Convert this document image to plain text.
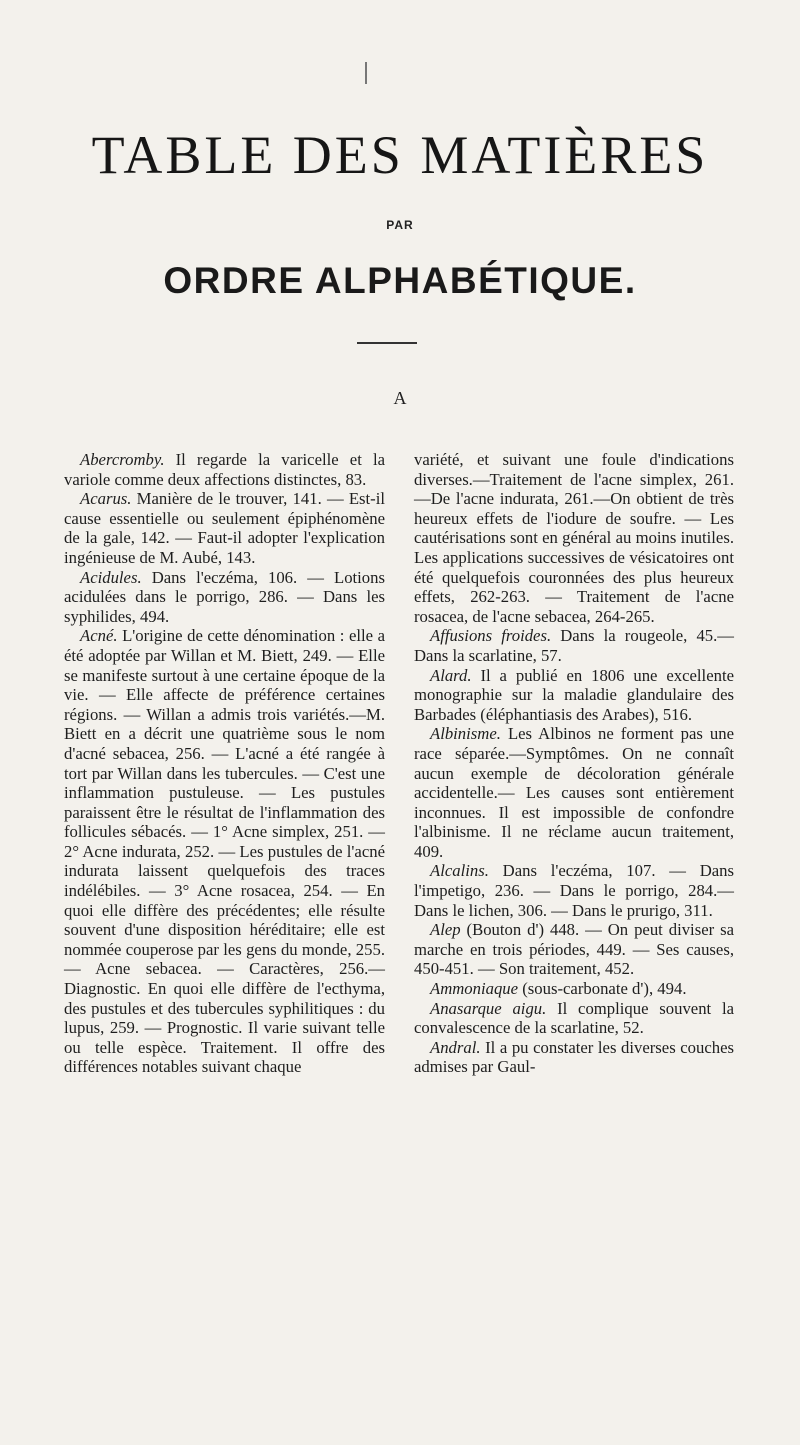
TABLE DES MATIÈRES
PAR
ORDRE ALPHABÉTIQUE.
A

Abercromby. Il regarde la varicelle et la variole comme deux affections distinctes, 83.

Acarus. Manière de le trouver, 141. — Est-il cause essentielle ou seulement épiphénomène de la gale, 142. — Faut-il adopter l'explication ingénieuse de M. Aubé, 143.

Acidules. Dans l'eczéma, 106. — Lotions acidulées dans le porrigo, 286. — Dans les syphilides, 494.

Acné. L'origine de cette dénomination : elle a été adoptée par Willan et M. Biett, 249. — Elle se manifeste surtout à une certaine époque de la vie. — Elle affecte de préférence certaines régions. — Willan a admis trois variétés.—M. Biett en a décrit une quatrième sous le nom d'acné sebacea, 256. — L'acné a été rangée à tort par Willan dans les tubercules. — C'est une inflammation pustuleuse. — Les pustules paraissent être le résultat de l'inflammation des follicules sébacés. — 1° Acne simplex, 251. — 2° Acne indurata, 252. — Les pustules de l'acné indurata laissent quelquefois des traces indélébiles. — 3° Acne rosacea, 254. — En quoi elle diffère des précédentes; elle résulte souvent d'une disposition héréditaire; elle est nommée couperose par les gens du monde, 255. — Acne sebacea. — Caractères, 256.—Diagnostic. En quoi elle diffère de l'ecthyma, des pustules et des tubercules syphilitiques : du lupus, 259. — Prognostic. Il varie suivant telle ou telle espèce. Traitement. Il offre des différences notables suivant chaque

variété, et suivant une foule d'indications diverses.—Traitement de l'acne simplex, 261.—De l'acne indurata, 261.—On obtient de très heureux effets de l'iodure de soufre. — Les cautérisations sont en général au moins inutiles. Les applications successives de vésicatoires ont été quelquefois couronnées des plus heureux effets, 262-263. — Traitement de l'acne rosacea, de l'acne sebacea, 264-265.

Affusions froides. Dans la rougeole, 45.—Dans la scarlatine, 57.

Alard. Il a publié en 1806 une excellente monographie sur la maladie glandulaire des Barbades (éléphantiasis des Arabes), 516.

Albinisme. Les Albinos ne forment pas une race séparée.—Symptômes. On ne connaît aucun exemple de décoloration générale accidentelle.— Les causes sont entièrement inconnues. Il est impossible de confondre l'albinisme. Il ne réclame aucun traitement, 409.

Alcalins. Dans l'eczéma, 107. — Dans l'impetigo, 236. — Dans le porrigo, 284.—Dans le lichen, 306. — Dans le prurigo, 311.

Alep (Bouton d') 448. — On peut diviser sa marche en trois périodes, 449. — Ses causes, 450-451. — Son traitement, 452.

Ammoniaque (sous-carbonate d'), 494.

Anasarque aigu. Il complique souvent la convalescence de la scarlatine, 52.

Andral. Il a pu constater les diverses couches admises par Gaul-
